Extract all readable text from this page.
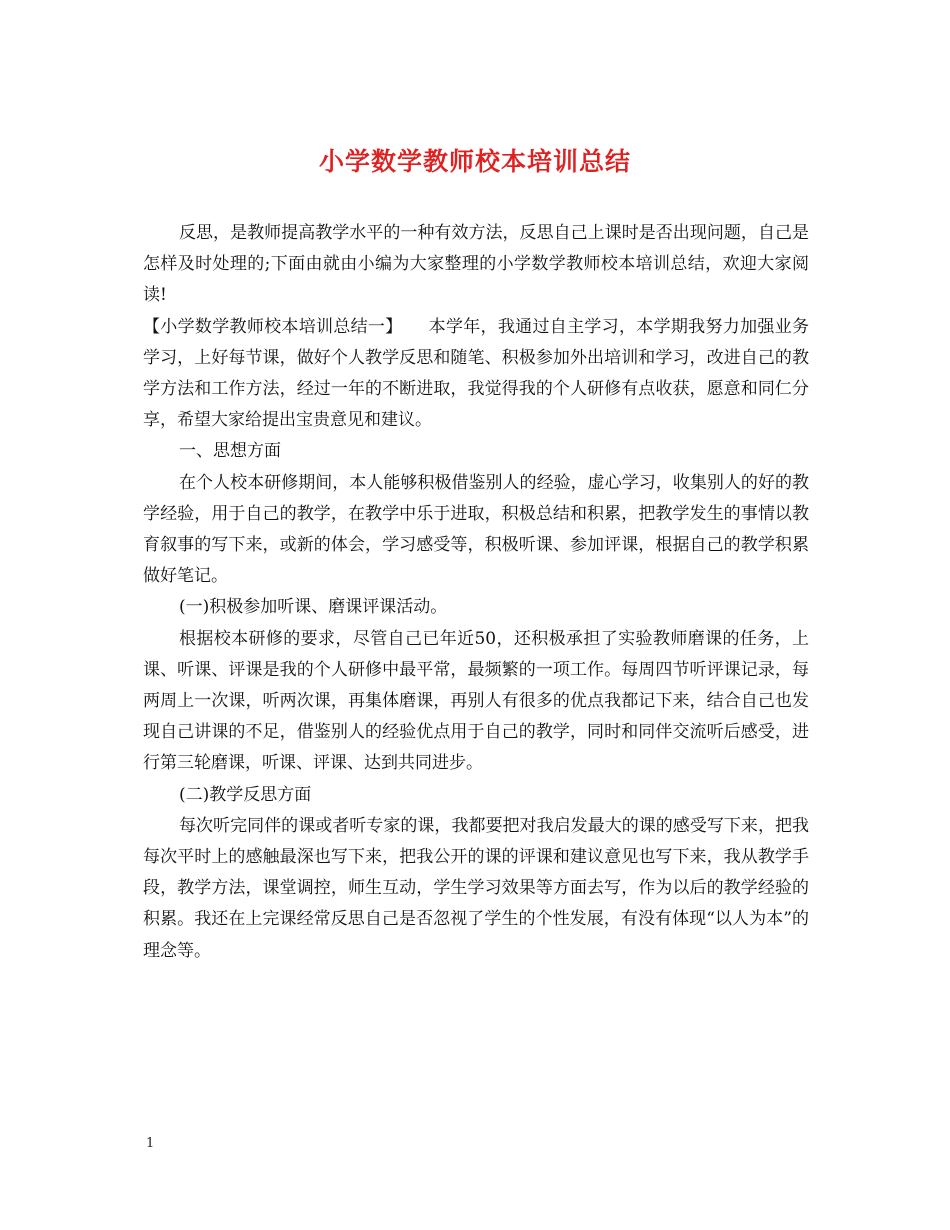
小学数学教师校本培训总结

反思，是教师提高教学水平的一种有效方法，反思自己上课时是否出现问题，自己是怎样及时处理的;下面由就由小编为大家整理的小学数学教师校本培训总结，欢迎大家阅读!

【小学数学教师校本培训总结一】　　本学年，我通过自主学习，本学期我努力加强业务学习，上好每节课，做好个人教学反思和随笔、积极参加外出培训和学习，改进自己的教学方法和工作方法，经过一年的不断进取，我觉得我的个人研修有点收获，愿意和同仁分享，希望大家给提出宝贵意见和建议。

一、思想方面

在个人校本研修期间，本人能够积极借鉴别人的经验，虚心学习，收集别人的好的教学经验，用于自己的教学，在教学中乐于进取，积极总结和积累，把教学发生的事情以教育叙事的写下来，或新的体会，学习感受等，积极听课、参加评课，根据自己的教学积累做好笔记。

(一)积极参加听课、磨课评课活动。

根据校本研修的要求，尽管自己已年近50，还积极承担了实验教师磨课的任务，上课、听课、评课是我的个人研修中最平常，最频繁的一项工作。每周四节听评课记录，每两周上一次课，听两次课，再集体磨课，再别人有很多的优点我都记下来，结合自己也发现自己讲课的不足，借鉴别人的经验优点用于自己的教学，同时和同伴交流听后感受，进行第三轮磨课，听课、评课、达到共同进步。

(二)教学反思方面

每次听完同伴的课或者听专家的课，我都要把对我启发最大的课的感受写下来，把我每次平时上的感触最深也写下来，把我公开的课的评课和建议意见也写下来，我从教学手段，教学方法，课堂调控，师生互动，学生学习效果等方面去写，作为以后的教学经验的积累。我还在上完课经常反思自己是否忽视了学生的个性发展，有没有体现“以人为本”的理念等。

1
